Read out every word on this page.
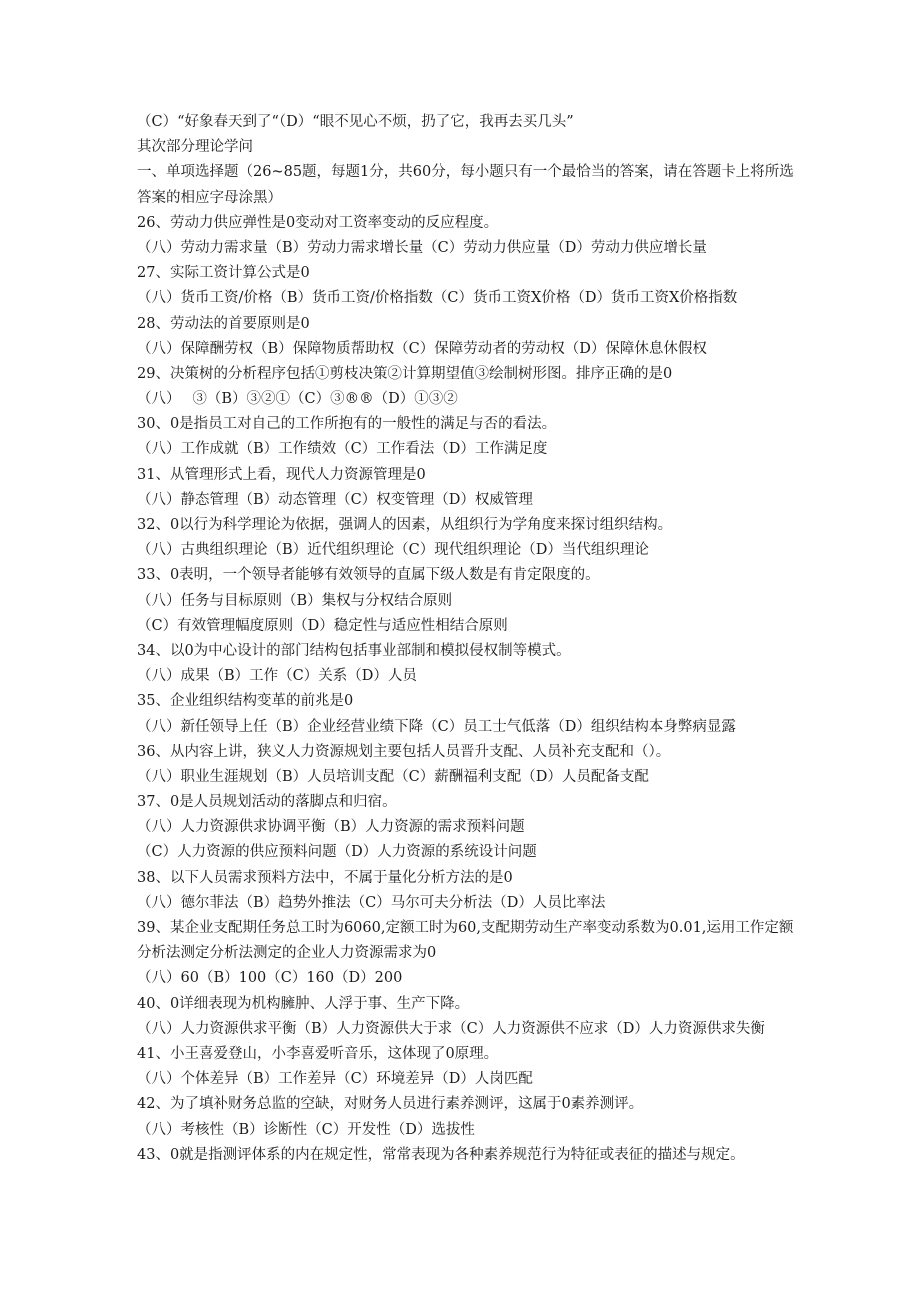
（C）“好象春天到了“（D）“眼不见心不烦，扔了它，我再去买几头”
其次部分理论学问
一、单项选择题（26~85题，每题1分，共60分，每小题只有一个最恰当的答案，请在答题卡上将所选答案的相应字母涂黑）
26、劳动力供应弹性是0变动对工资率变动的反应程度。
（八）劳动力需求量（B）劳动力需求增长量（C）劳动力供应量（D）劳动力供应增长量
27、实际工资计算公式是0
（八）货币工资/价格（B）货币工资/价格指数（C）货币工资X价格（D）货币工资X价格指数
28、劳动法的首要原则是0
（八）保障酬劳权（B）保障物质帮助权（C）保障劳动者的劳动权（D）保障休息休假权
29、决策树的分析程序包括①剪枝决策②计算期望值③绘制树形图。排序正确的是0
（八）　 ③（B）③②①（C）③®®（D）①③②
30、0是指员工对自己的工作所抱有的一般性的满足与否的看法。
（八）工作成就（B）工作绩效（C）工作看法（D）工作满足度
31、从管理形式上看，现代人力资源管理是0
（八）静态管理（B）动态管理（C）权变管理（D）权威管理
32、0以行为科学理论为依据，强调人的因素，从组织行为学角度来探讨组织结构。
（八）古典组织理论（B）近代组织理论（C）现代组织理论（D）当代组织理论
33、0表明，一个领导者能够有效领导的直属下级人数是有肯定限度的。
（八）任务与目标原则（B）集权与分权结合原则
（C）有效管理幅度原则（D）稳定性与适应性相结合原则
34、以0为中心设计的部门结构包括事业部制和模拟侵权制等模式。
（八）成果（B）工作（C）关系（D）人员
35、企业组织结构变革的前兆是0
（八）新任领导上任（B）企业经营业绩下降（C）员工士气低落（D）组织结构本身弊病显露
36、从内容上讲，狭义人力资源规划主要包括人员晋升支配、人员补充支配和（）。
（八）职业生涯规划（B）人员培训支配（C）薪酬福利支配（D）人员配备支配
37、0是人员规划活动的落脚点和归宿。
（八）人力资源供求协调平衡（B）人力资源的需求预料问题
（C）人力资源的供应预料问题（D）人力资源的系统设计问题
38、以下人员需求预料方法中，不属于量化分析方法的是0
（八）德尔菲法（B）趋势外推法（C）马尔可夫分析法（D）人员比率法
39、某企业支配期任务总工时为6060,定额工时为60,支配期劳动生产率变动系数为0.01,运用工作定额分析法测定分析法测定的企业人力资源需求为0
（八）60（B）100（C）160（D）200
40、0详细表现为机构臃肿、人浮于事、生产下降。
（八）人力资源供求平衡（B）人力资源供大于求（C）人力资源供不应求（D）人力资源供求失衡
41、小王喜爱登山，小李喜爱听音乐，这体现了0原理。
（八）个体差异（B）工作差异（C）环境差异（D）人岗匹配
42、为了填补财务总监的空缺，对财务人员进行素养测评，这属于0素养测评。
（八）考核性（B）诊断性（C）开发性（D）选拔性
43、0就是指测评体系的内在规定性，常常表现为各种素养规范行为特征或表征的描述与规定。
